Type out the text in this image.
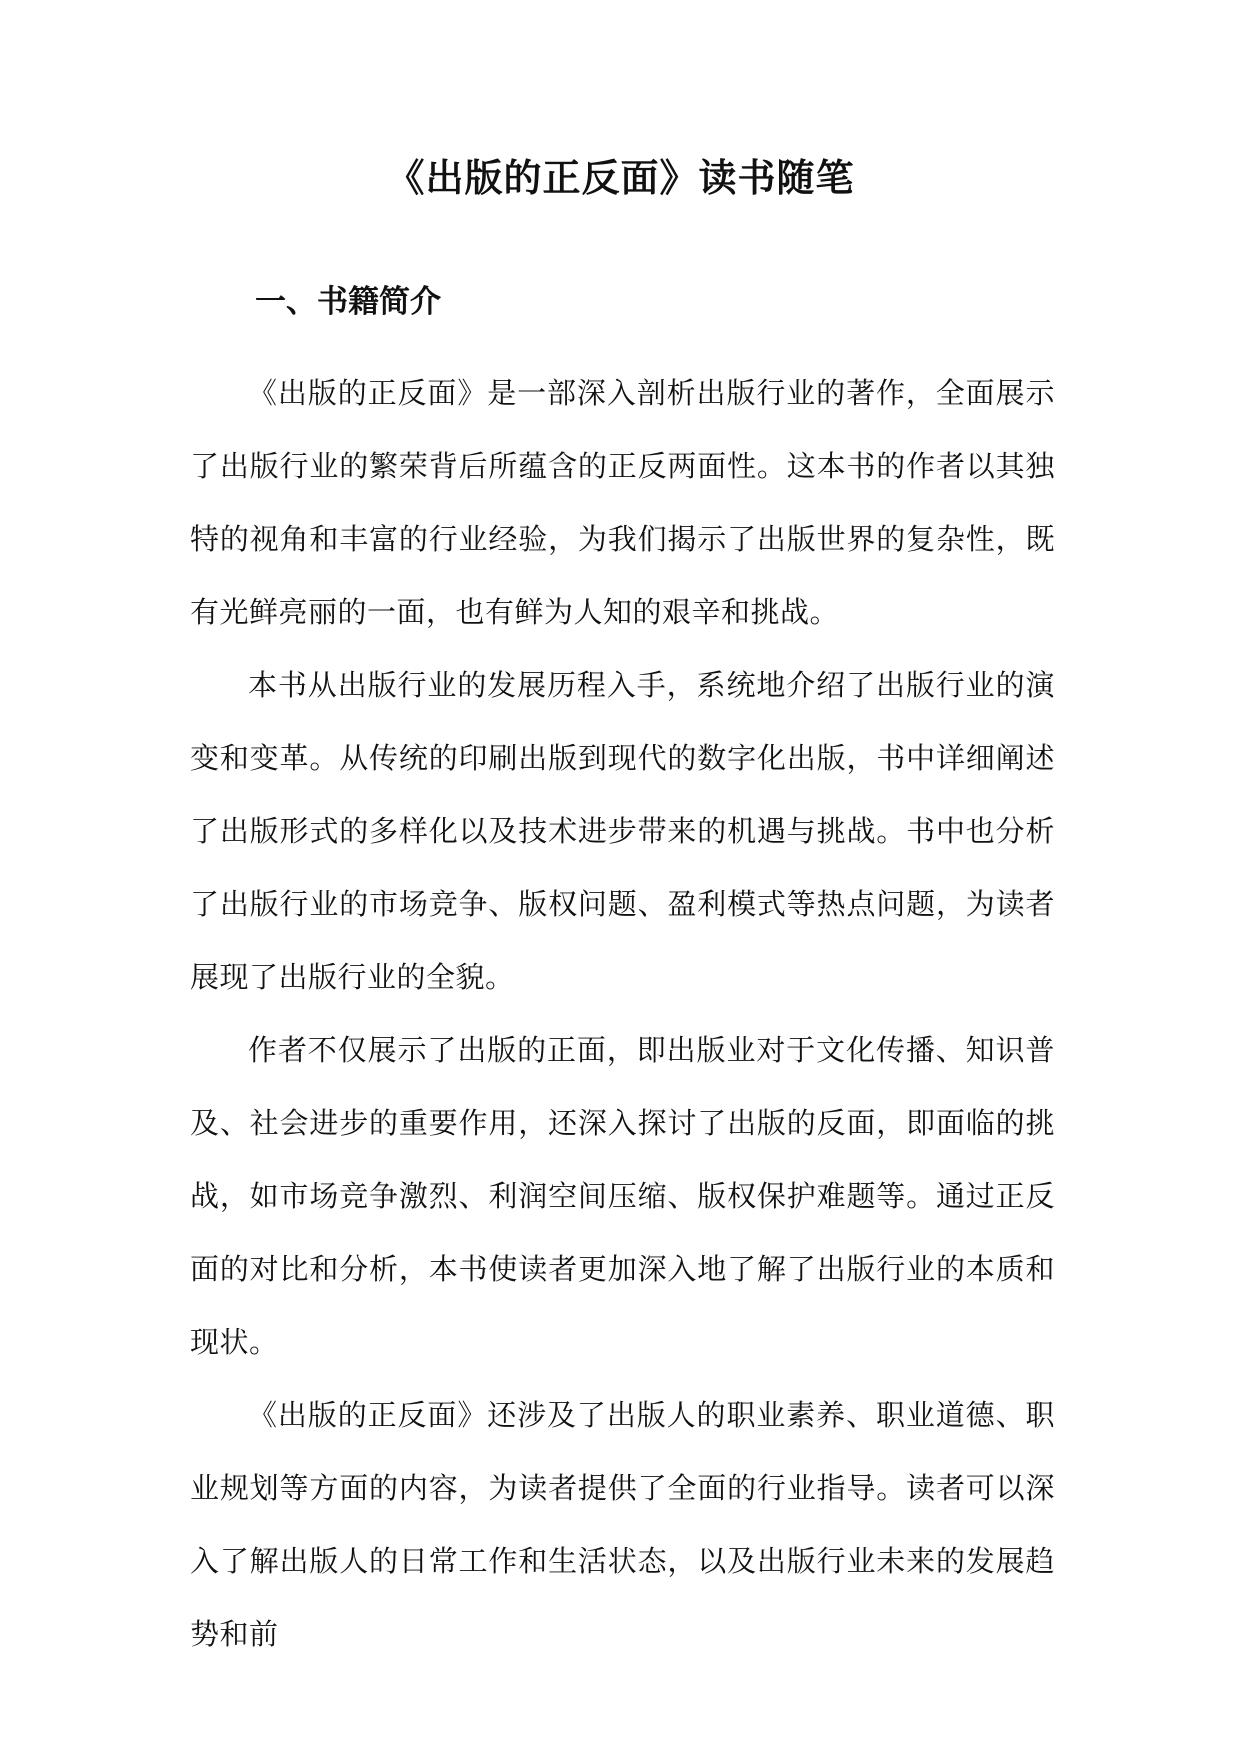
《出版的正反面》读书随笔
一、书籍简介

《出版的正反面》是一部深入剖析出版行业的著作，全面展示了出版行业的繁荣背后所蕴含的正反两面性。这本书的作者以其独特的视角和丰富的行业经验，为我们揭示了出版世界的复杂性，既有光鲜亮丽的一面，也有鲜为人知的艰辛和挑战。

本书从出版行业的发展历程入手，系统地介绍了出版行业的演变和变革。从传统的印刷出版到现代的数字化出版，书中详细阐述了出版形式的多样化以及技术进步带来的机遇与挑战。书中也分析了出版行业的市场竞争、版权问题、盈利模式等热点问题，为读者展现了出版行业的全貌。

作者不仅展示了出版的正面，即出版业对于文化传播、知识普及、社会进步的重要作用，还深入探讨了出版的反面，即面临的挑战，如市场竞争激烈、利润空间压缩、版权保护难题等。通过正反面的对比和分析，本书使读者更加深入地了解了出版行业的本质和现状。

《出版的正反面》还涉及了出版人的职业素养、职业道德、职业规划等方面的内容，为读者提供了全面的行业指导。读者可以深入了解出版人的日常工作和生活状态，以及出版行业未来的发展趋势和前
